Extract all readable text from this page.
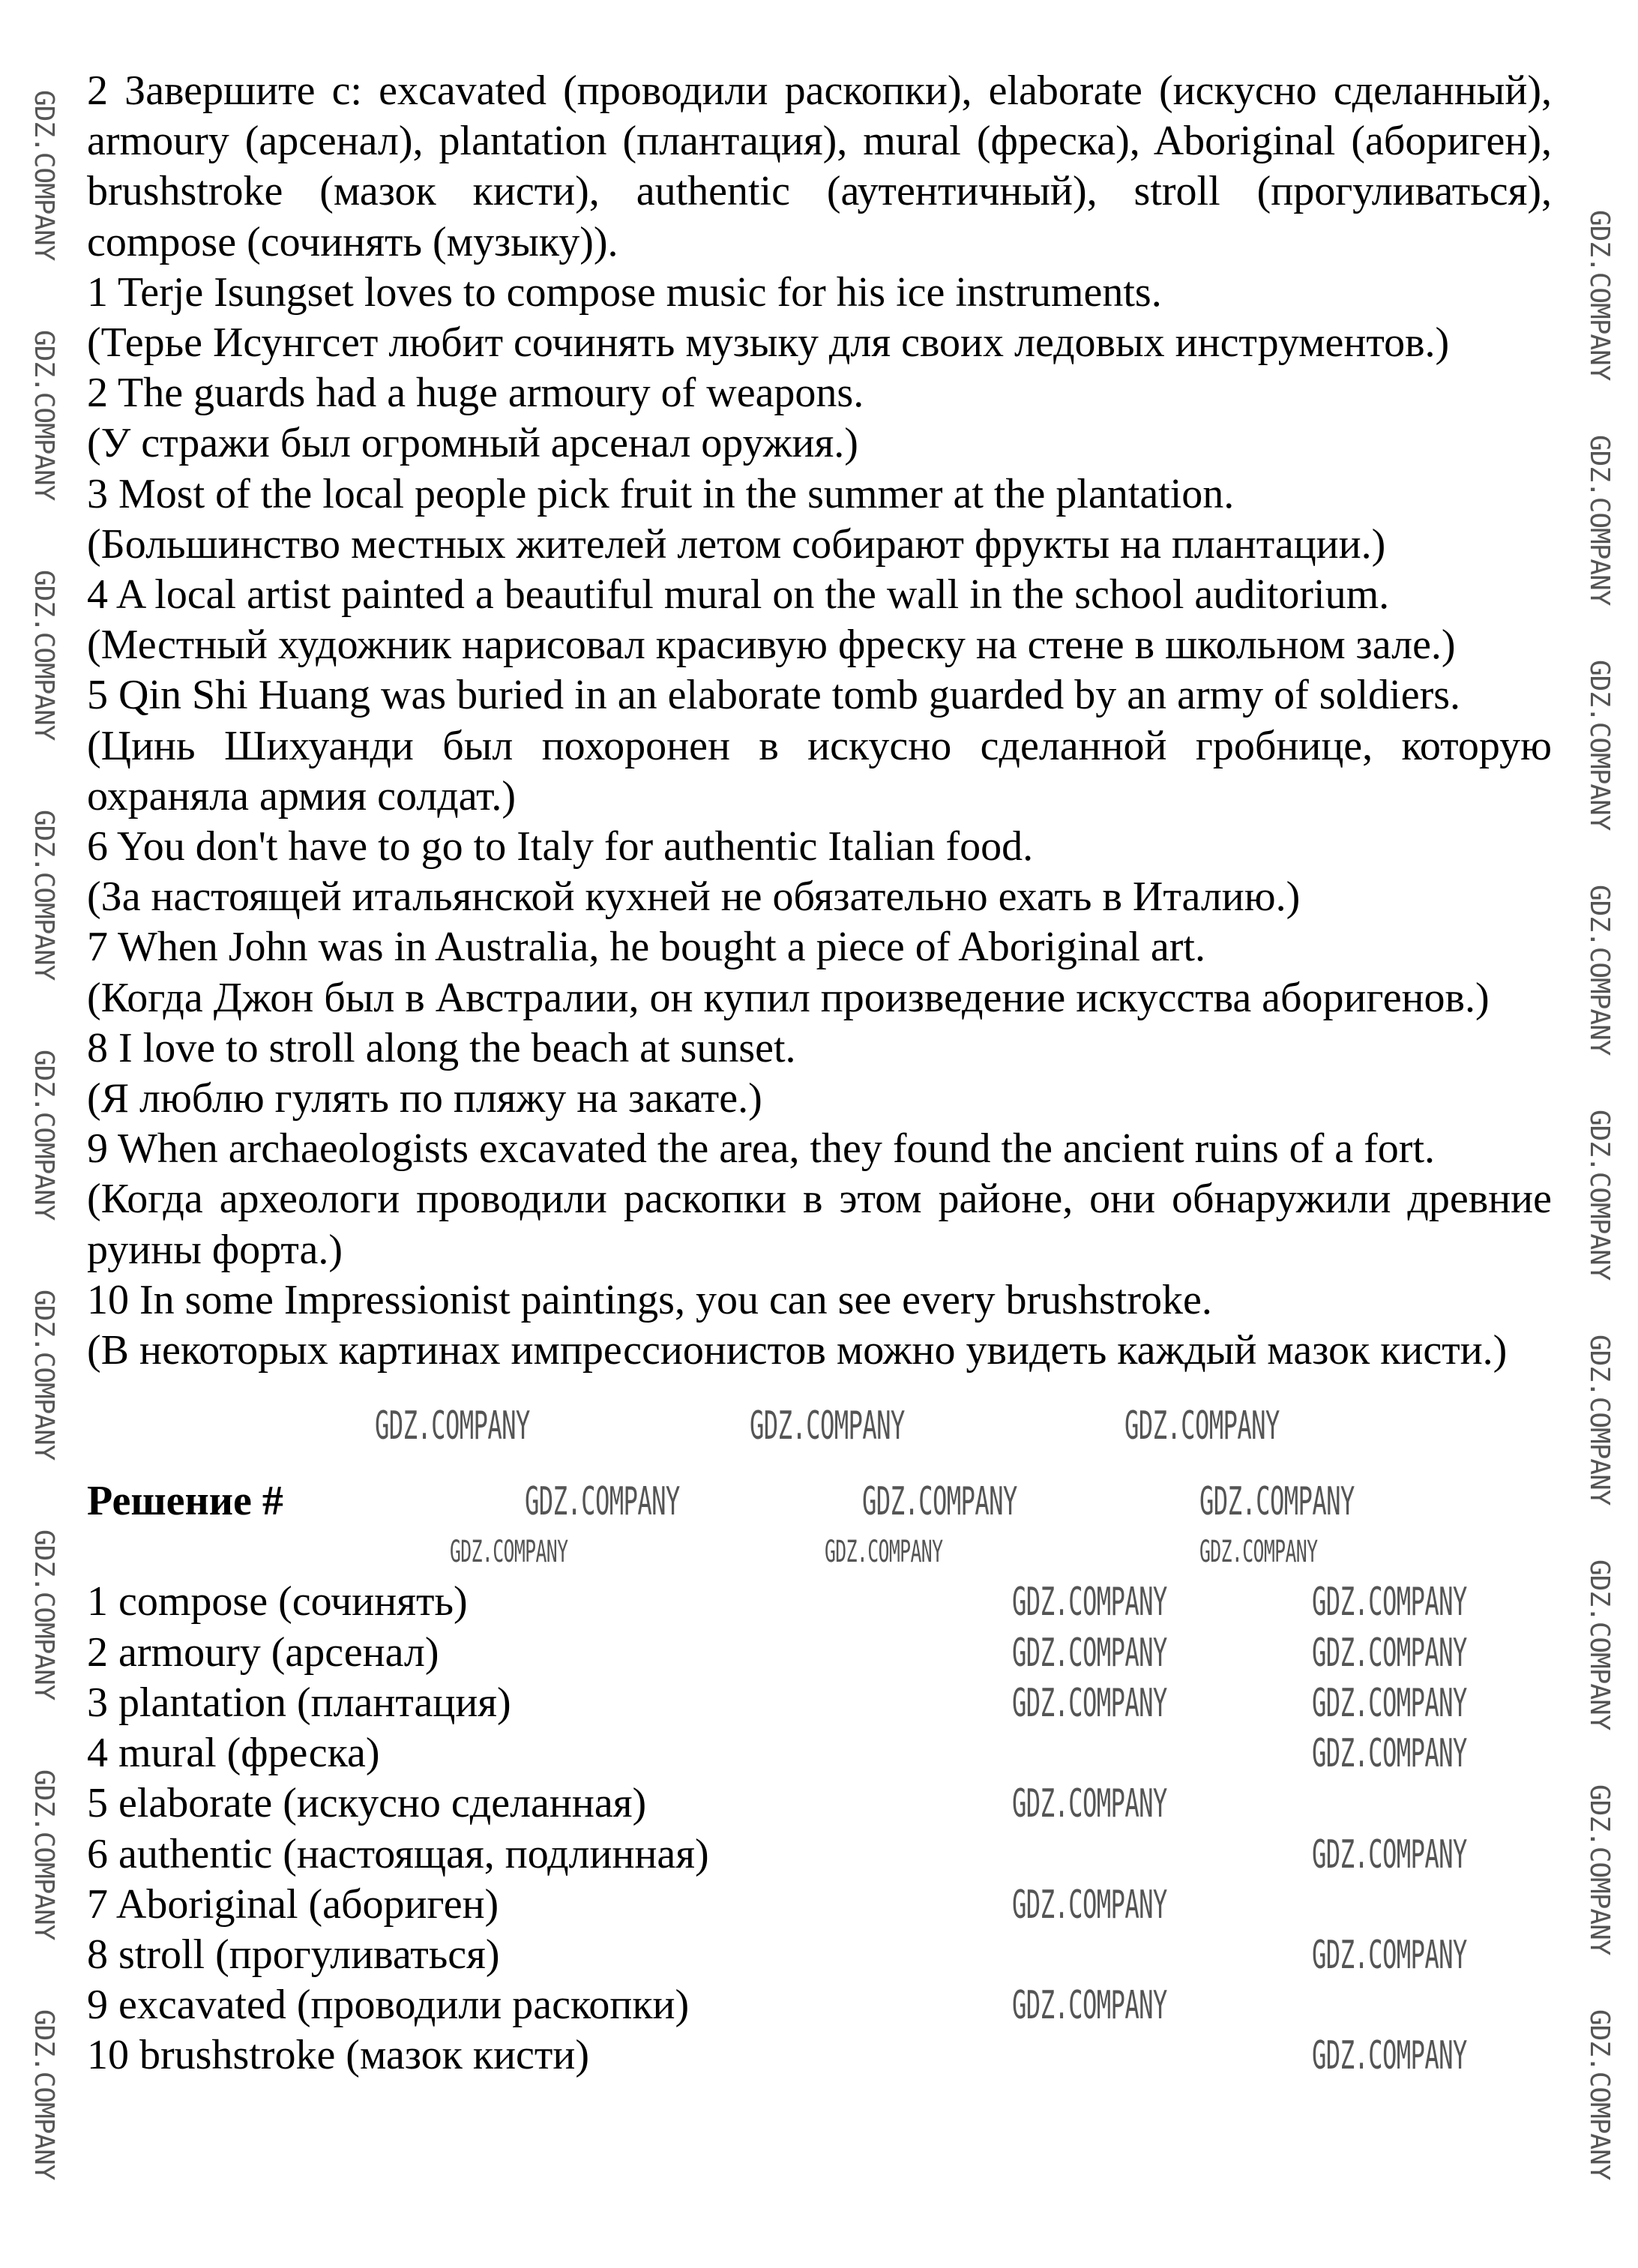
2 Завершите с: excavated (проводили раскопки), elaborate (искусно сделанный), armoury (арсенал), plantation (плантация), mural (фреска), Aboriginal (абориген), brushstroke (мазок кисти), authentic (аутентичный), stroll (прогуливаться), compose (сочинять (музыку)).

1 Terje Isungset loves to compose music for his ice instruments.

(Терье Исунгсет любит сочинять музыку для своих ледовых инструментов.)

2 The guards had a huge armoury of weapons.

(У стражи был огромный арсенал оружия.)

3 Most of the local people pick fruit in the summer at the plantation.

(Большинство местных жителей летом собирают фрукты на плантации.)

4 A local artist painted a beautiful mural on the wall in the school auditorium.

(Местный художник нарисовал красивую фреску на стене в школьном зале.)

5 Qin Shi Huang was buried in an elaborate tomb guarded by an army of soldiers.

(Цинь Шихуанди был похоронен в искусно сделанной гробнице, которую охраняла армия солдат.)

6 You don't have to go to Italy for authentic Italian food.

(За настоящей итальянской кухней не обязательно ехать в Италию.)

7 When John was in Australia, he bought a piece of Aboriginal art.

(Когда Джон был в Австралии, он купил произведение искусства аборигенов.)

8 I love to stroll along the beach at sunset.

(Я люблю гулять по пляжу на закате.)

9 When archaeologists excavated the area, they found the ancient ruins of a fort.

(Когда археологи проводили раскопки в этом районе, они обнаружили древние руины форта.)

10 In some Impressionist paintings, you can see every brushstroke.

(В некоторых картинах импрессионистов можно увидеть каждый мазок кисти.)

Решение #

1 compose (сочинять)

2 armoury (арсенал)

3 plantation (плантация)

4 mural (фреска)

5 elaborate (искусно сделанная)

6 authentic (настоящая, подлинная)

7 Aboriginal (абориген)

8 stroll (прогуливаться)

9 excavated (проводили раскопки)

10 brushstroke (мазок кисти)

GDZ.COMPANY
GDZ.COMPANY
GDZ.COMPANY
GDZ.COMPANY
GDZ.COMPANY
GDZ.COMPANY
GDZ.COMPANY	GDZ.COMPANY
GDZ.COMPANY	GDZ.COMPANY
GDZ.COMPANY	GDZ.COMPANY
GDZ.COMPANY	GDZ.COMPANY
GDZ.COMPANY	GDZ.COMPANY
GDZ.COMPANY	GDZ.COMPANY
GDZ.COMPANY	GDZ.COMPANY	GDZ.COMPANY
GDZ.COMPANY	GDZ.COMPANY	GDZ.COMPANY
GDZ.COMPANY	GDZ.COMPANY	GDZ.COMPANY
GDZ.COMPANY
GDZ.COMPANY
GDZ.COMPANY
GDZ.COMPANY
GDZ.COMPANY
GDZ.COMPANY
GDZ.COMPANY
GDZ.COMPANY
GDZ.COMPANY
GDZ.COMPANY
GDZ.COMPANY
GDZ.COMPANY
GDZ.COMPANY
